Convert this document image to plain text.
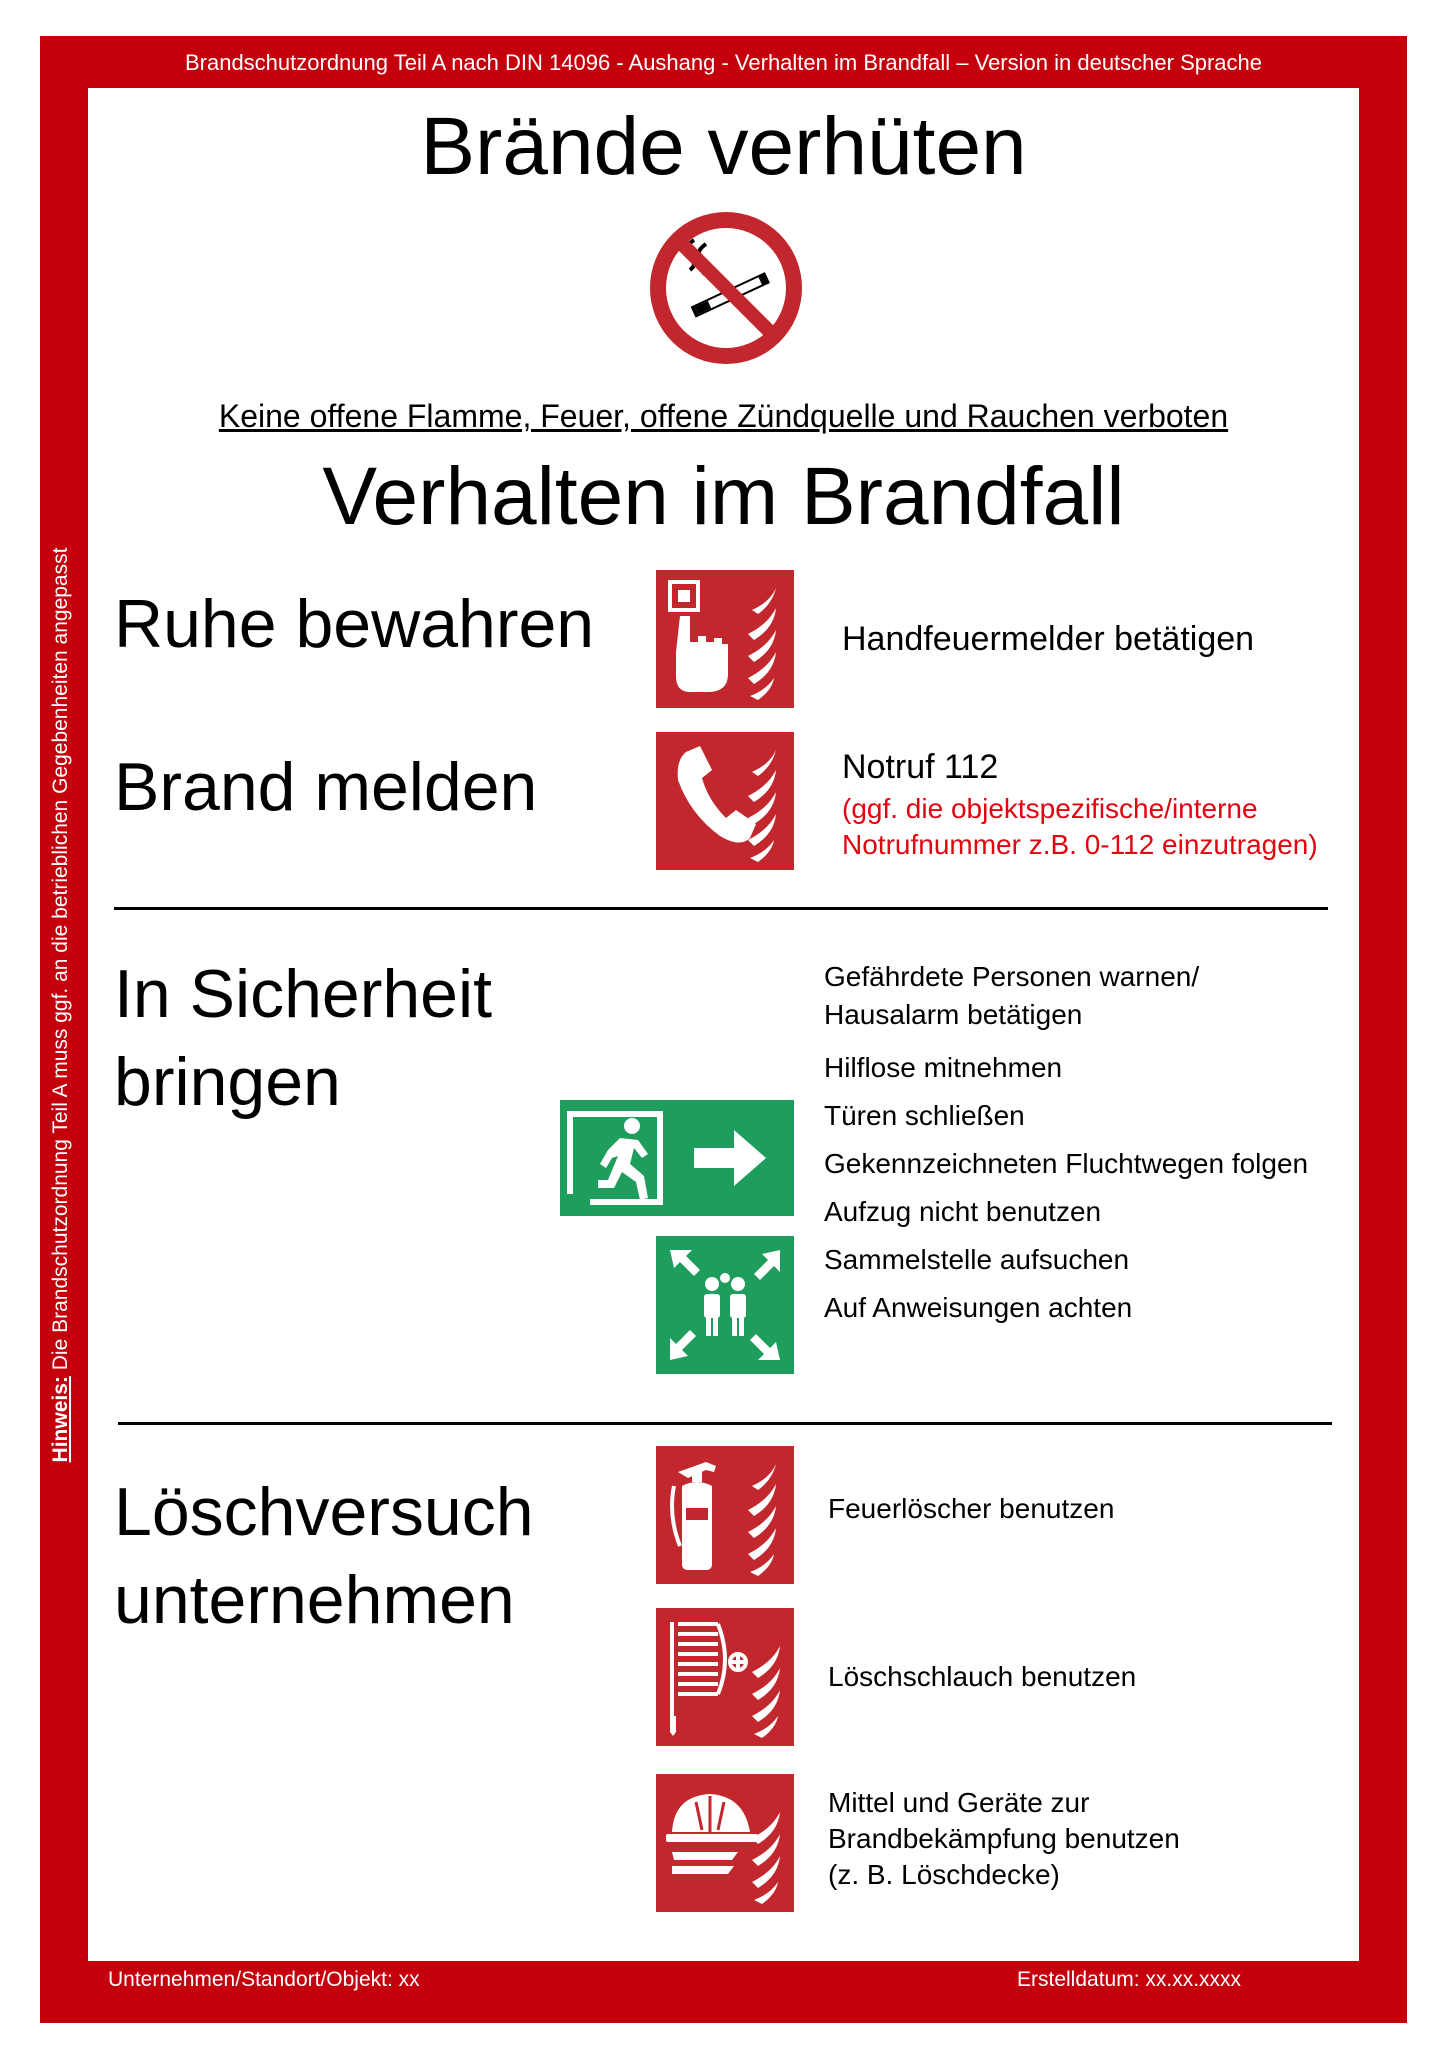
Brandschutzordnung Teil A nach DIN 14096 - Aushang - Verhalten im Brandfall – Version in deutscher Sprache
Hinweis: Die Brandschutzordnung Teil A muss ggf. an die betrieblichen Gegebenheiten angepasst
Brände verhüten
Keine offene Flamme, Feuer, offene Zündquelle und Rauchen verboten
Verhalten im Brandfall
Ruhe bewahren	Handfeuermelder betätigen
Brand melden	Notruf 112
(ggf. die objektspezifische/interne
Notrufnummer z.B. 0-112 einzutragen)
In Sicherheit
bringen
Gefährdete Personen warnen/
Hausalarm betätigen
Hilflose mitnehmen
Türen schließen
Gekennzeichneten Fluchtwegen folgen
Aufzug nicht benutzen
Sammelstelle aufsuchen
Auf Anweisungen achten
Löschversuch
unternehmen
Feuerlöscher benutzen
Löschschlauch benutzen
Mittel und Geräte zur
Brandbekämpfung benutzen
(z. B. Löschdecke)
Unternehmen/Standort/Objekt: xx	Erstelldatum: xx.xx.xxxx
